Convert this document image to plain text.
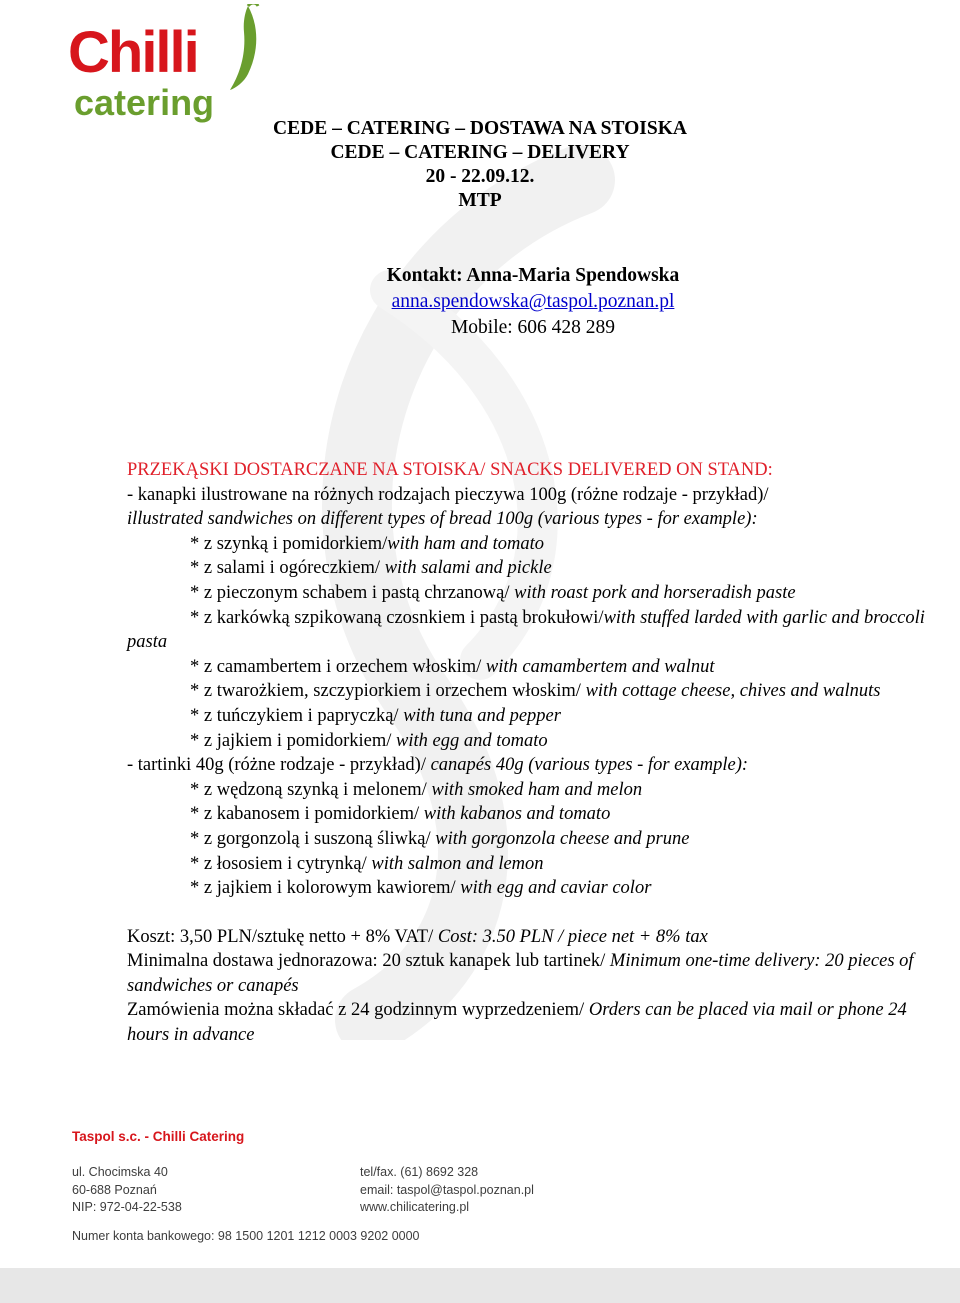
Chilli
catering
CEDE – CATERING – DOSTAWA NA STOISKA
CEDE – CATERING – DELIVERY
20 - 22.09.12.
MTP
Kontakt: Anna-Maria Spendowska
anna.spendowska@taspol.poznan.pl
Mobile: 606 428 289

PRZEKĄSKI DOSTARCZANE NA STOISKA/ SNACKS DELIVERED ON STAND:

- kanapki ilustrowane na różnych rodzajach pieczywa 100g (różne rodzaje - przykład)/

illustrated sandwiches on different types of bread 100g (various types - for example):

* z szynką i pomidorkiem/with ham and tomato

* z salami i ogóreczkiem/ with salami and pickle

* z pieczonym schabem i pastą chrzanową/ with roast pork and horseradish paste

* z karkówką szpikowaną czosnkiem i pastą brokułowi/with stuffed larded with garlic and broccoli pasta

* z camambertem i orzechem włoskim/ with camambertem and walnut

* z twarożkiem, szczypiorkiem i orzechem włoskim/ with cottage cheese, chives and walnuts

* z tuńczykiem i papryczką/ with tuna and pepper

* z jajkiem i pomidorkiem/ with egg and tomato

- tartinki 40g (różne rodzaje - przykład)/ canapés 40g (various types - for example):

* z wędzoną szynką i melonem/ with smoked ham and melon

* z kabanosem i pomidorkiem/ with kabanos and tomato

* z gorgonzolą i suszoną śliwką/ with gorgonzola cheese and prune

* z łososiem i cytrynką/ with salmon and lemon

* z jajkiem i kolorowym kawiorem/ with egg and caviar color

Koszt: 3,50 PLN/sztukę netto + 8% VAT/ Cost: 3.50 PLN / piece net + 8% tax

Minimalna dostawa jednorazowa: 20 sztuk kanapek lub tartinek/ Minimum one-time delivery: 20 pieces of sandwiches or canapés

Zamówienia można składać z 24 godzinnym wyprzedzeniem/ Orders can be placed via mail or phone 24 hours in advance

Taspol s.c. - Chilli Catering
ul. Chocimska 40
60-688 Poznań
NIP: 972-04-22-538
tel/fax. (61) 8692 328
email: taspol@taspol.poznan.pl
www.chilicatering.pl
Numer konta bankowego: 98 1500 1201 1212 0003 9202 0000
